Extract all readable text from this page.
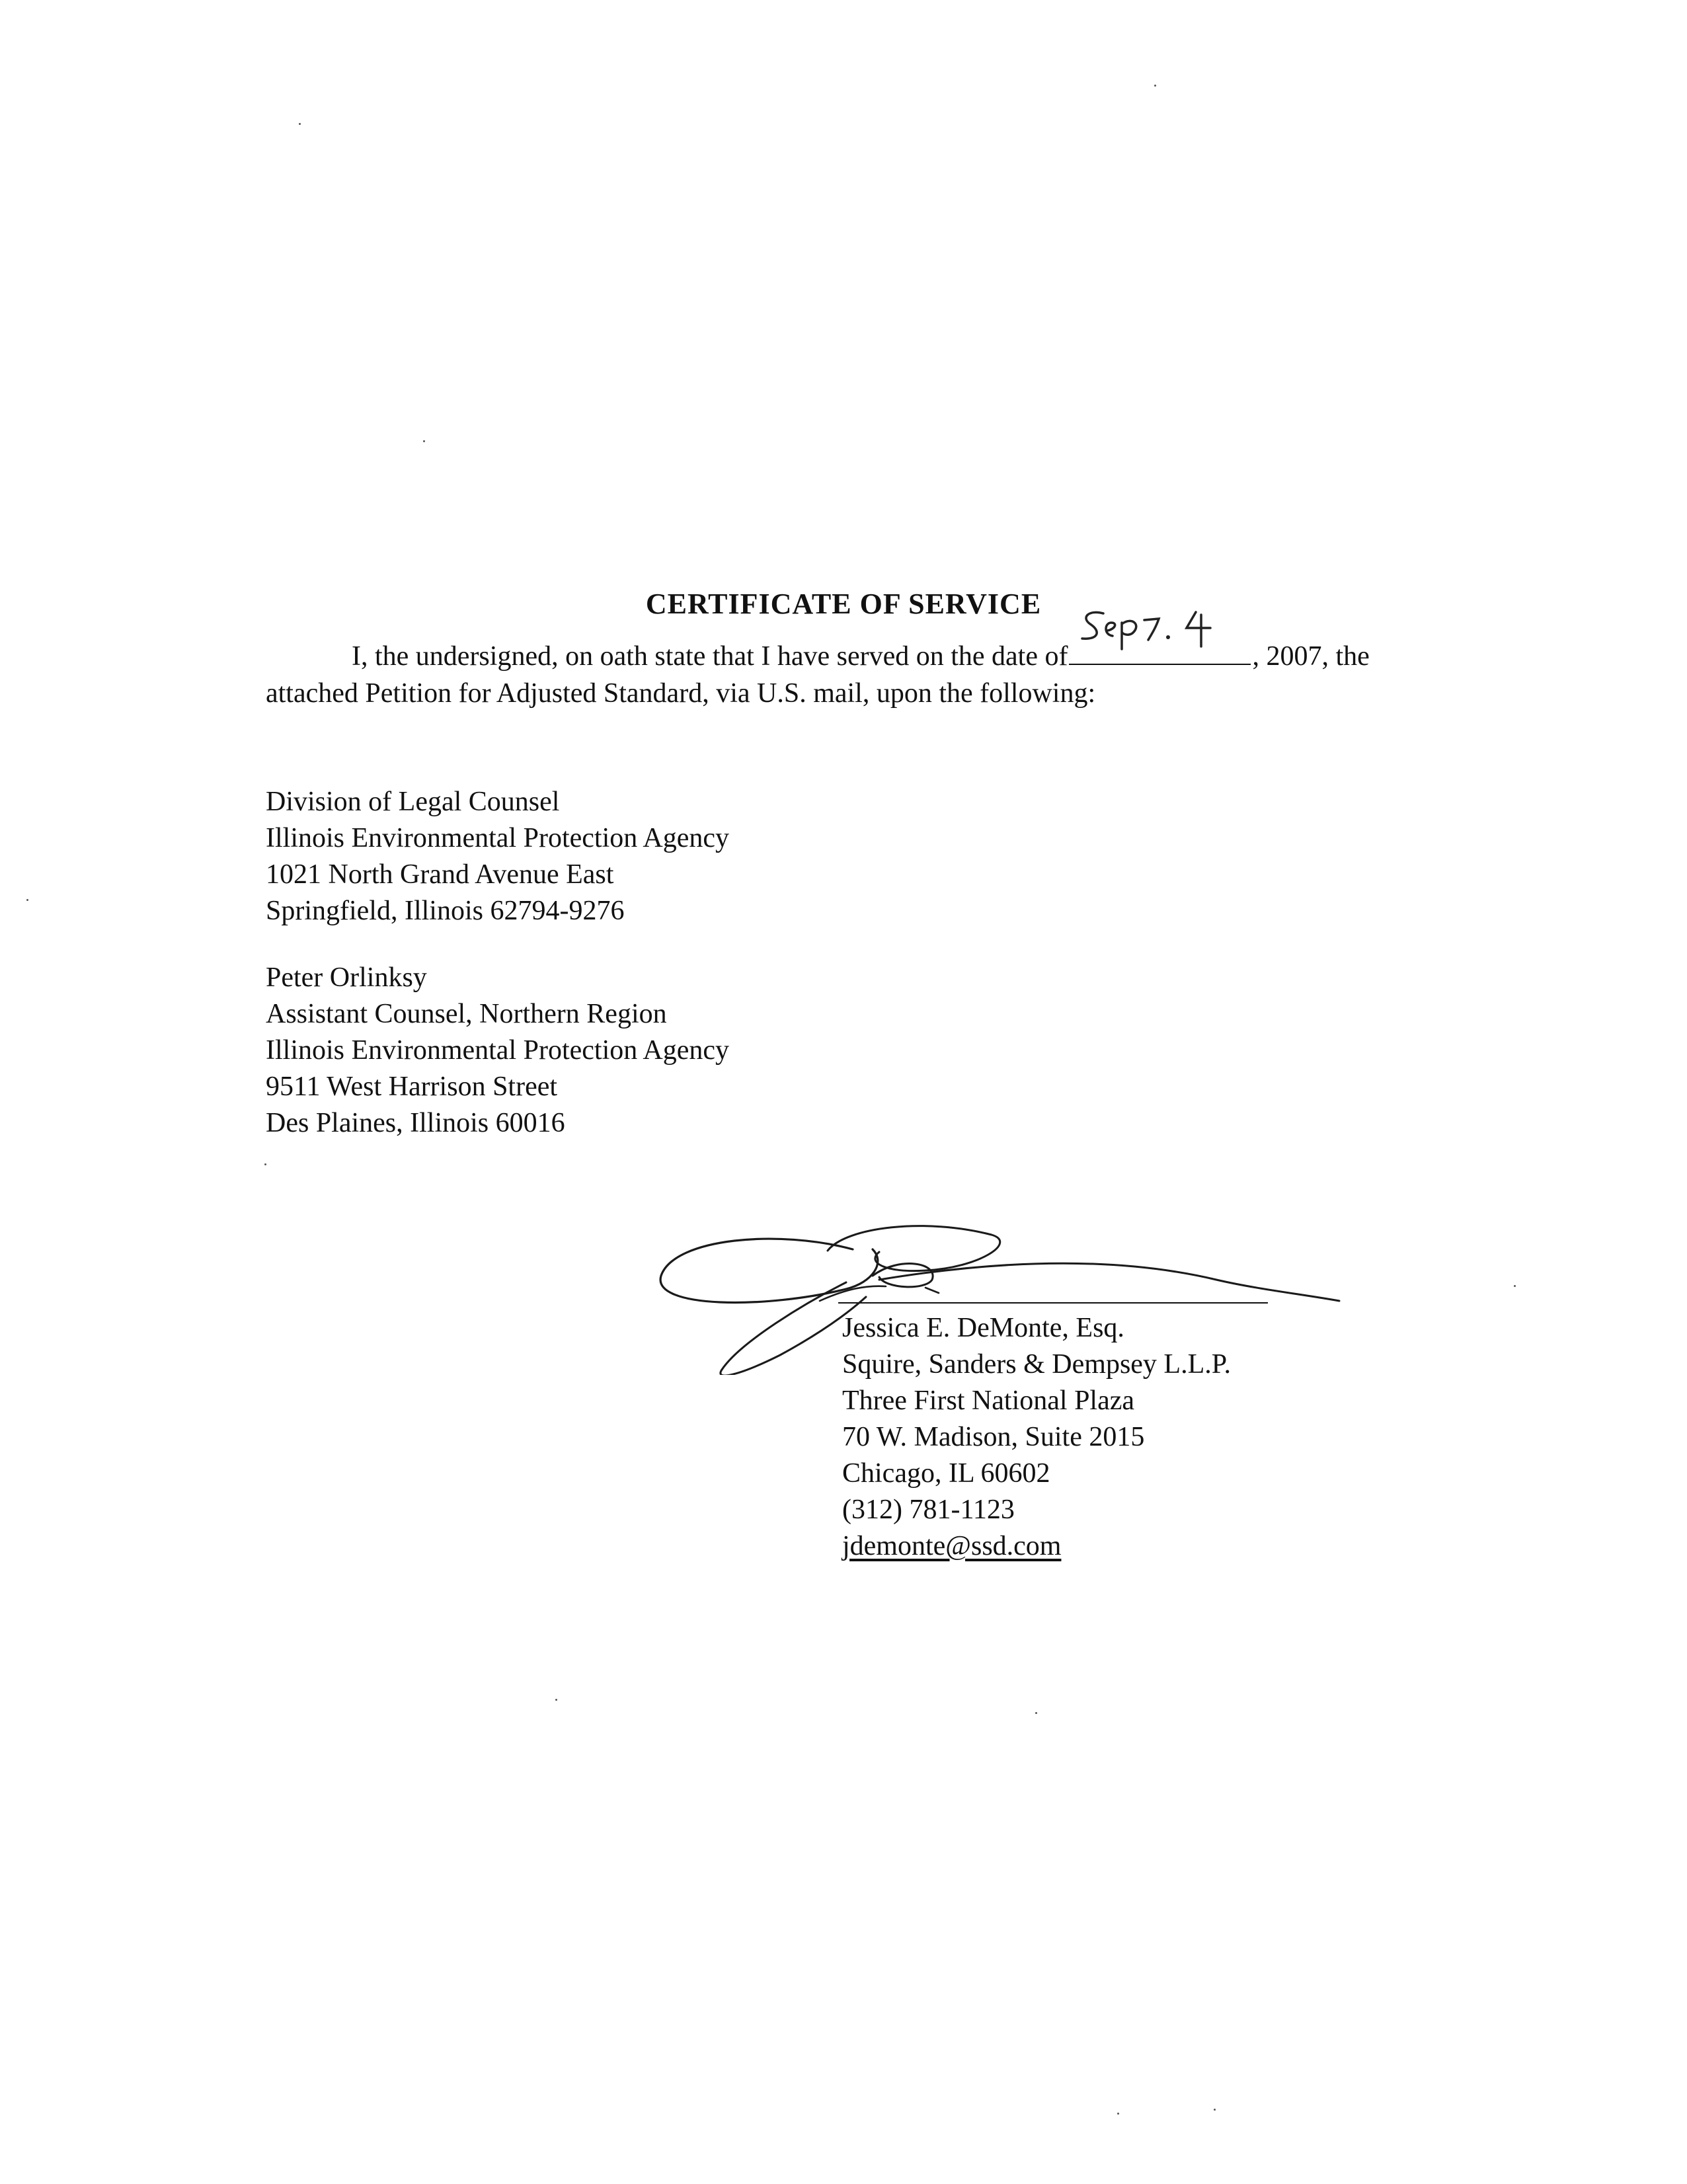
CERTIFICATE OF SERVICE
I, the undersigned, on oath state that I have served on the date of	, 2007, the
attached Petition for Adjusted Standard, via U.S. mail, upon the following:
Division of Legal Counsel
Illinois Environmental Protection Agency
1021 North Grand Avenue East
Springfield, Illinois 62794-9276
Peter Orlinksy
Assistant Counsel, Northern Region
Illinois Environmental Protection Agency
9511 West Harrison Street
Des Plaines, Illinois 60016
Jessica E. DeMonte, Esq.
Squire, Sanders & Dempsey L.L.P.
Three First National Plaza
70 W. Madison, Suite 2015
Chicago, IL 60602
(312) 781-1123
jdemonte@ssd.com
